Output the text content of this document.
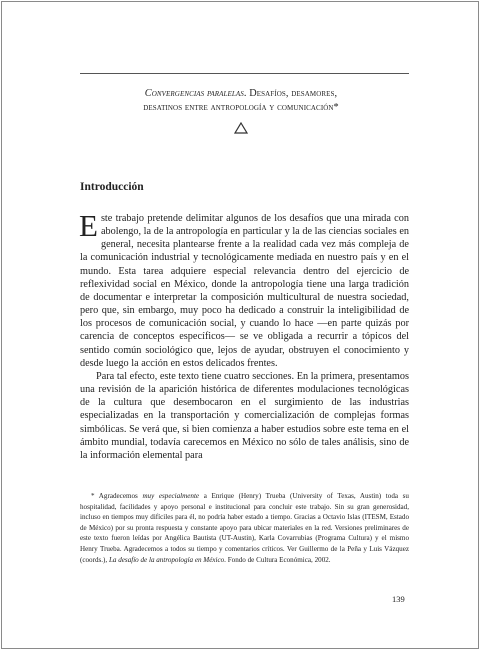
Convergencias paralelas. Desafíos, desamores,
desatinos entre antropología y comunicación*
Introducción

Este trabajo pretende delimitar algunos de los desafíos que una mirada con abolengo, la de la antropología en particular y la de las ciencias sociales en general, necesita plantearse frente a la realidad cada vez más compleja de la comunicación industrial y tecnológicamente mediada en nuestro país y en el mundo. Esta tarea adquiere especial relevancia dentro del ejercicio de reflexividad social en México, donde la antropología tiene una larga tradición de documentar e interpretar la composición multicultural de nuestra sociedad, pero que, sin embargo, muy poco ha dedicado a construir la inteligibilidad de los procesos de comunicación social, y cuando lo hace —en parte quizás por carencia de conceptos específicos— se ve obligada a recurrir a tópicos del sentido común sociológico que, lejos de ayudar, obstruyen el conocimiento y desde luego la acción en estos delicados frentes.

Para tal efecto, este texto tiene cuatro secciones. En la primera, presentamos una revisión de la aparición histórica de diferentes modulaciones tecnológicas de la cultura que desembocaron en el surgimiento de las industrias especializadas en la transportación y comercialización de complejas formas simbólicas. Se verá que, si bien comienza a haber estudios sobre este tema en el ámbito mundial, todavía carecemos en México no sólo de tales análisis, sino de la información elemental para

* Agradecemos muy especialmente a Enrique (Henry) Trueba (University of Texas, Austin) toda su hospitalidad, facilidades y apoyo personal e institucional para concluir este trabajo. Sin su gran generosidad, incluso en tiempos muy difíciles para él, no podría haber estado a tiempo. Gracias a Octavio Islas (ITESM, Estado de México) por su pronta respuesta y constante apoyo para ubicar materiales en la red. Versiones preliminares de este texto fueron leídas por Angélica Bautista (UT-Austin), Karla Covarrubias (Programa Cultura) y el mismo Henry Trueba. Agradecemos a todos su tiempo y comentarios críticos. Ver Guillermo de la Peña y Luis Vázquez (coords.), La desafío de la antropología en México. Fondo de Cultura Económica, 2002.

139
